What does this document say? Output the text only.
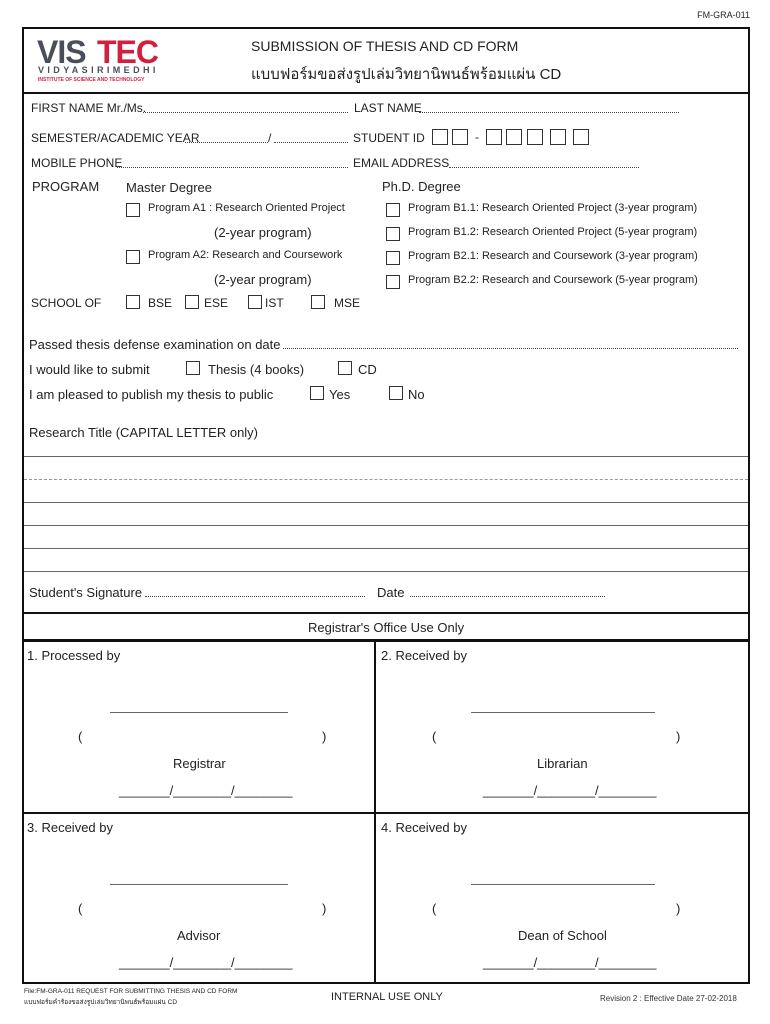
FM-GRA-011
VIS TEC
VIDYASIRIMEDHI
INSTITUTE OF SCIENCE AND TECHNOLOGY
SUBMISSION OF THESIS AND CD FORM
แบบฟอร์มขอส่งรูปเล่มวิทยานิพนธ์พร้อมแผ่น CD
FIRST NAME Mr./Ms.	LAST NAME
SEMESTER/ACADEMIC YEAR	/	STUDENT ID	-
MOBILE PHONE	EMAIL ADDRESS
PROGRAM Master Degree	Ph.D. Degree
Program A1 : Research Oriented Project
(2-year program)
Program A2: Research and Coursework
(2-year program)
Program B1.1: Research Oriented Project (3-year program)
Program B1.2: Research Oriented Project (5-year program)
Program B2.1: Research and Coursework (3-year program)
Program B2.2: Research and Coursework (5-year program)
SCHOOL OF	BSE	ESE	IST	MSE
Passed thesis defense examination on date
I would like to submit	Thesis (4 books)	CD
I am pleased to publish my thesis to public	Yes	No
Research Title (CAPITAL LETTER only)
Student's Signature	Date
Registrar's Office Use Only
1. Processed by
(	)
Registrar
_______/________/________
2. Received by
(	)
Librarian
_______/________/________
3. Received by
(	)
Advisor
_______/________/________
4. Received by
(	)
Dean of School
_______/________/________
File:FM-GRA-011 REQUEST FOR SUBMITTING THESIS AND CD FORM
แบบฟอร์มคำร้องขอส่งรูปเล่มวิทยานิพนธ์พร้อมแผ่น CD	INTERNAL USE ONLY	Revision 2 : Effective Date 27-02-2018
